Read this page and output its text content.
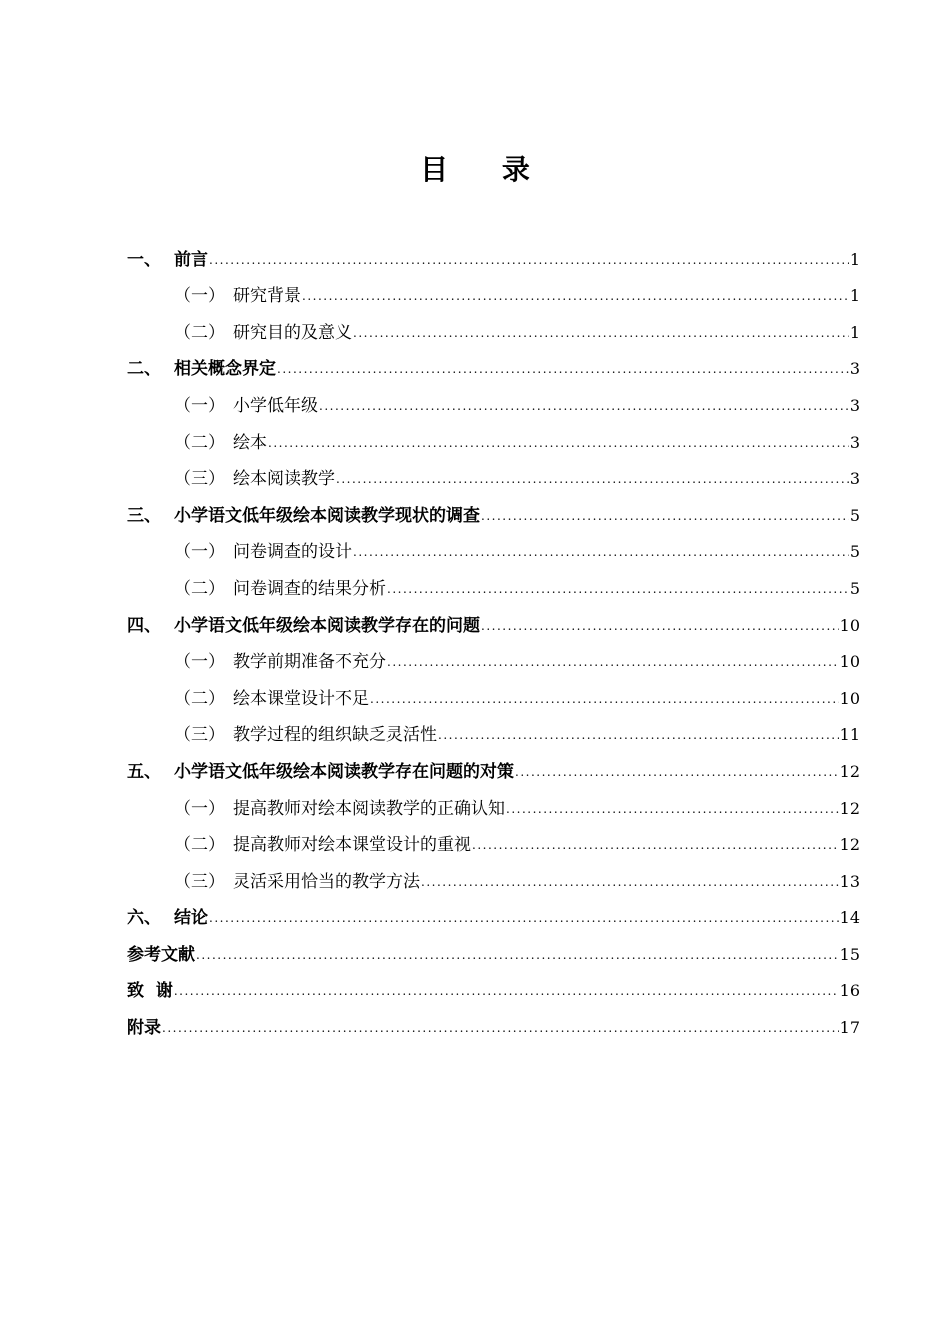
目 录
一、 前言 .....	1
（一） 研究背景 .....	1
（二） 研究目的及意义 .....	1
二、 相关概念界定 .....	3
（一） 小学低年级 .....	3
（二） 绘本 .....	3
（三） 绘本阅读教学 .....	3
三、 小学语文低年级绘本阅读教学现状的调查 .....	5
（一） 问卷调查的设计 .....	5
（二） 问卷调查的结果分析 .....	5
四、 小学语文低年级绘本阅读教学存在的问题 .....	10
（一） 教学前期准备不充分 .....	10
（二） 绘本课堂设计不足 .....	10
（三） 教学过程的组织缺乏灵活性 .....	11
五、 小学语文低年级绘本阅读教学存在问题的对策 .....	12
（一） 提高教师对绘本阅读教学的正确认知 .....	12
（二） 提高教师对绘本课堂设计的重视 .....	12
（三） 灵活采用恰当的教学方法 .....	13
六、 结论 .....	14
参考文献 .....	15
致  谢 .....	16
附录 .....	17
